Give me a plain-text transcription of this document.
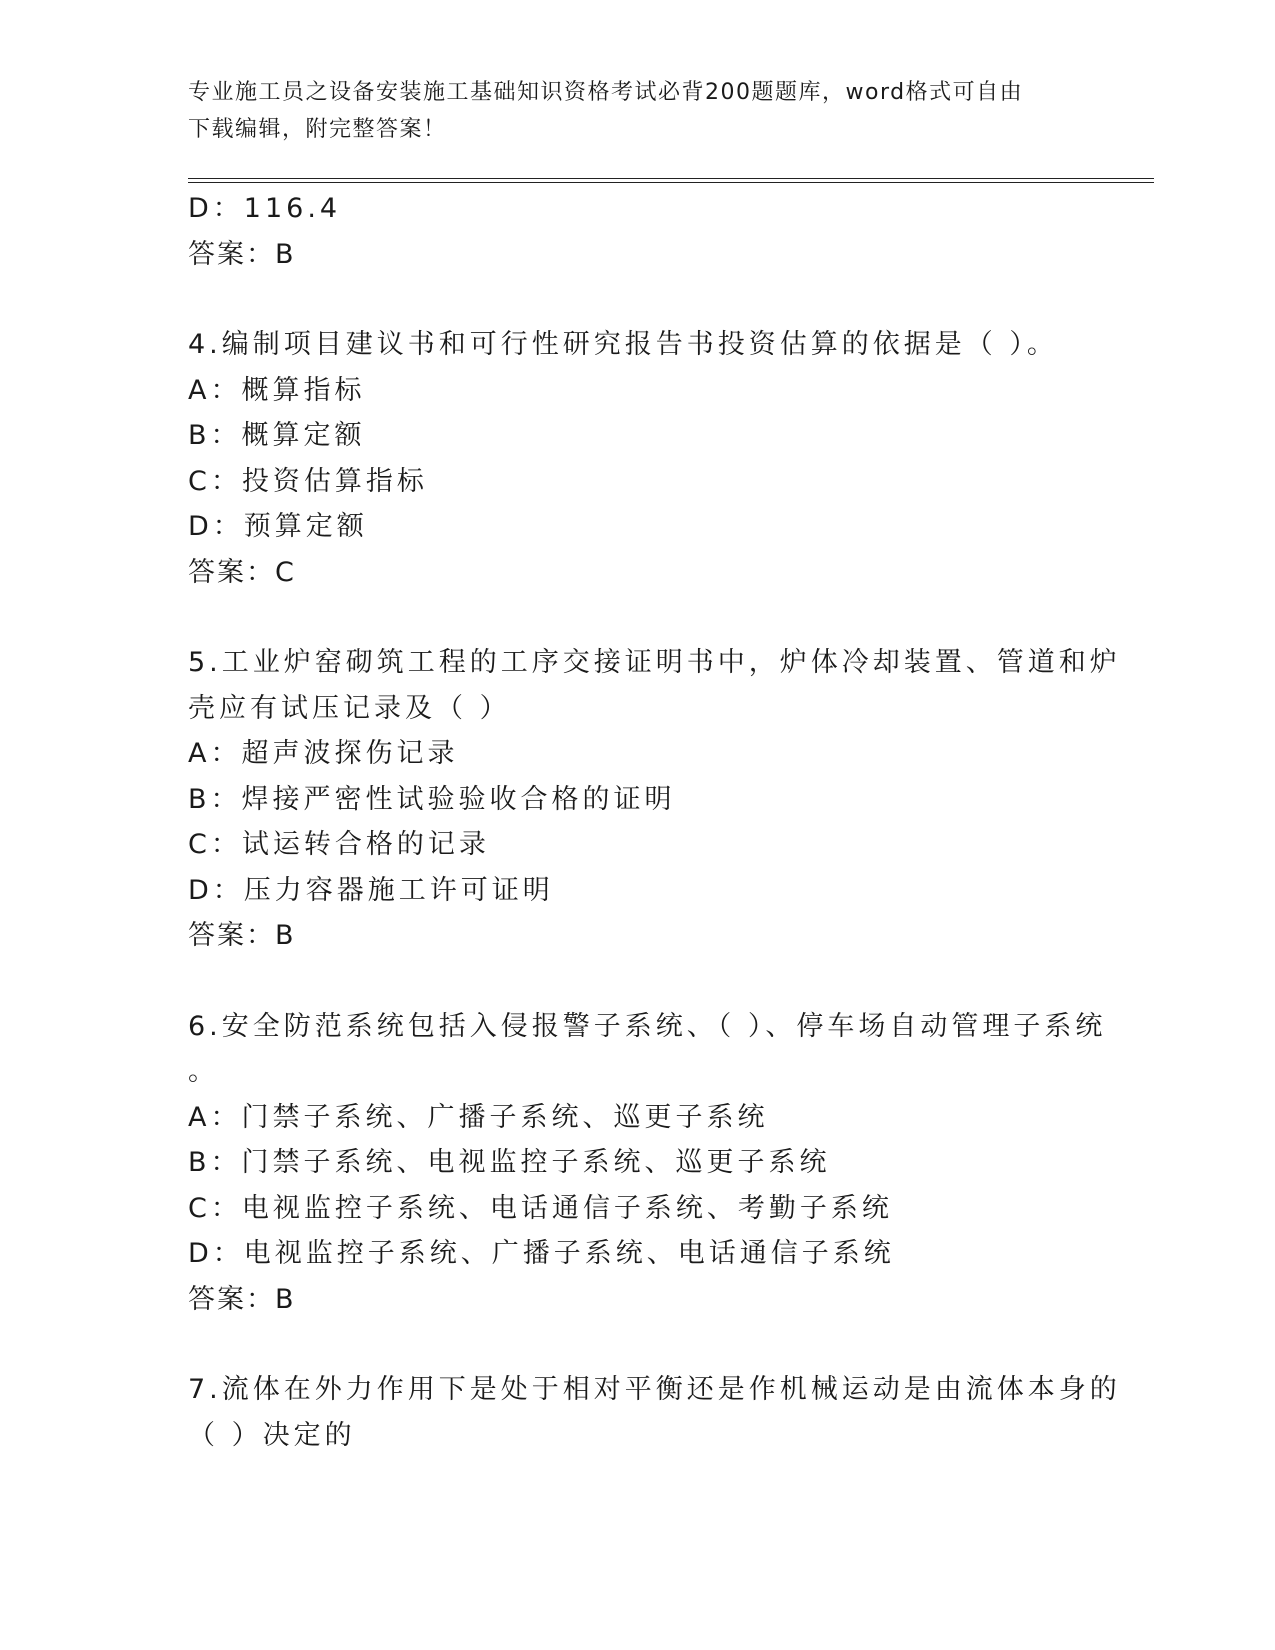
专业施工员之设备安装施工基础知识资格考试必背200题题库，word格式可自由
下载编辑，附完整答案！
D：116.4
答案：B
4.编制项目建议书和可行性研究报告书投资估算的依据是（ ）。
A：概算指标
B：概算定额
C：投资估算指标
D：预算定额
答案：C
5.工业炉窑砌筑工程的工序交接证明书中，炉体冷却装置、管道和炉
壳应有试压记录及（ ）
A：超声波探伤记录
B：焊接严密性试验验收合格的证明
C：试运转合格的记录
D：压力容器施工许可证明
答案：B
6.安全防范系统包括入侵报警子系统、（ ）、停车场自动管理子系统
。
A：门禁子系统、广播子系统、巡更子系统
B：门禁子系统、电视监控子系统、巡更子系统
C：电视监控子系统、电话通信子系统、考勤子系统
D：电视监控子系统、广播子系统、电话通信子系统
答案：B
7.流体在外力作用下是处于相对平衡还是作机械运动是由流体本身的
（ ）决定的
